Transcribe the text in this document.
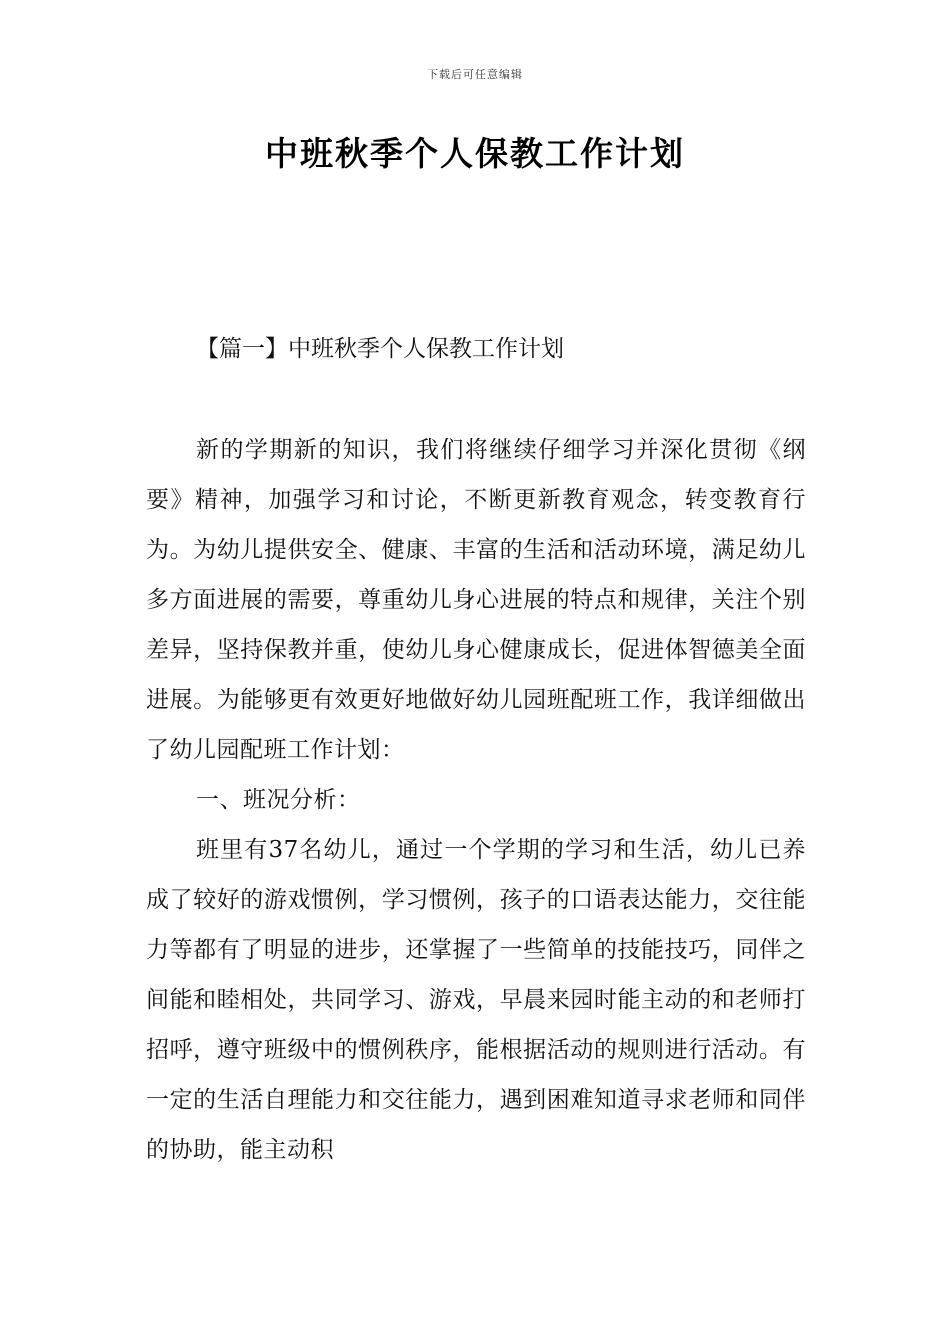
下载后可任意编辑
中班秋季个人保教工作计划
【篇一】中班秋季个人保教工作计划

新的学期新的知识，我们将继续仔细学习并深化贯彻《纲要》精神，加强学习和讨论，不断更新教育观念，转变教育行为。为幼儿提供安全、健康、丰富的生活和活动环境，满足幼儿多方面进展的需要，尊重幼儿身心进展的特点和规律，关注个别差异，坚持保教并重，使幼儿身心健康成长，促进体智德美全面进展。为能够更有效更好地做好幼儿园班配班工作，我详细做出了幼儿园配班工作计划：

一、班况分析：

班里有37名幼儿，通过一个学期的学习和生活，幼儿已养成了较好的游戏惯例，学习惯例，孩子的口语表达能力，交往能力等都有了明显的进步，还掌握了一些简单的技能技巧，同伴之间能和睦相处，共同学习、游戏，早晨来园时能主动的和老师打招呼，遵守班级中的惯例秩序，能根据活动的规则进行活动。有一定的生活自理能力和交往能力，遇到困难知道寻求老师和同伴的协助，能主动积
